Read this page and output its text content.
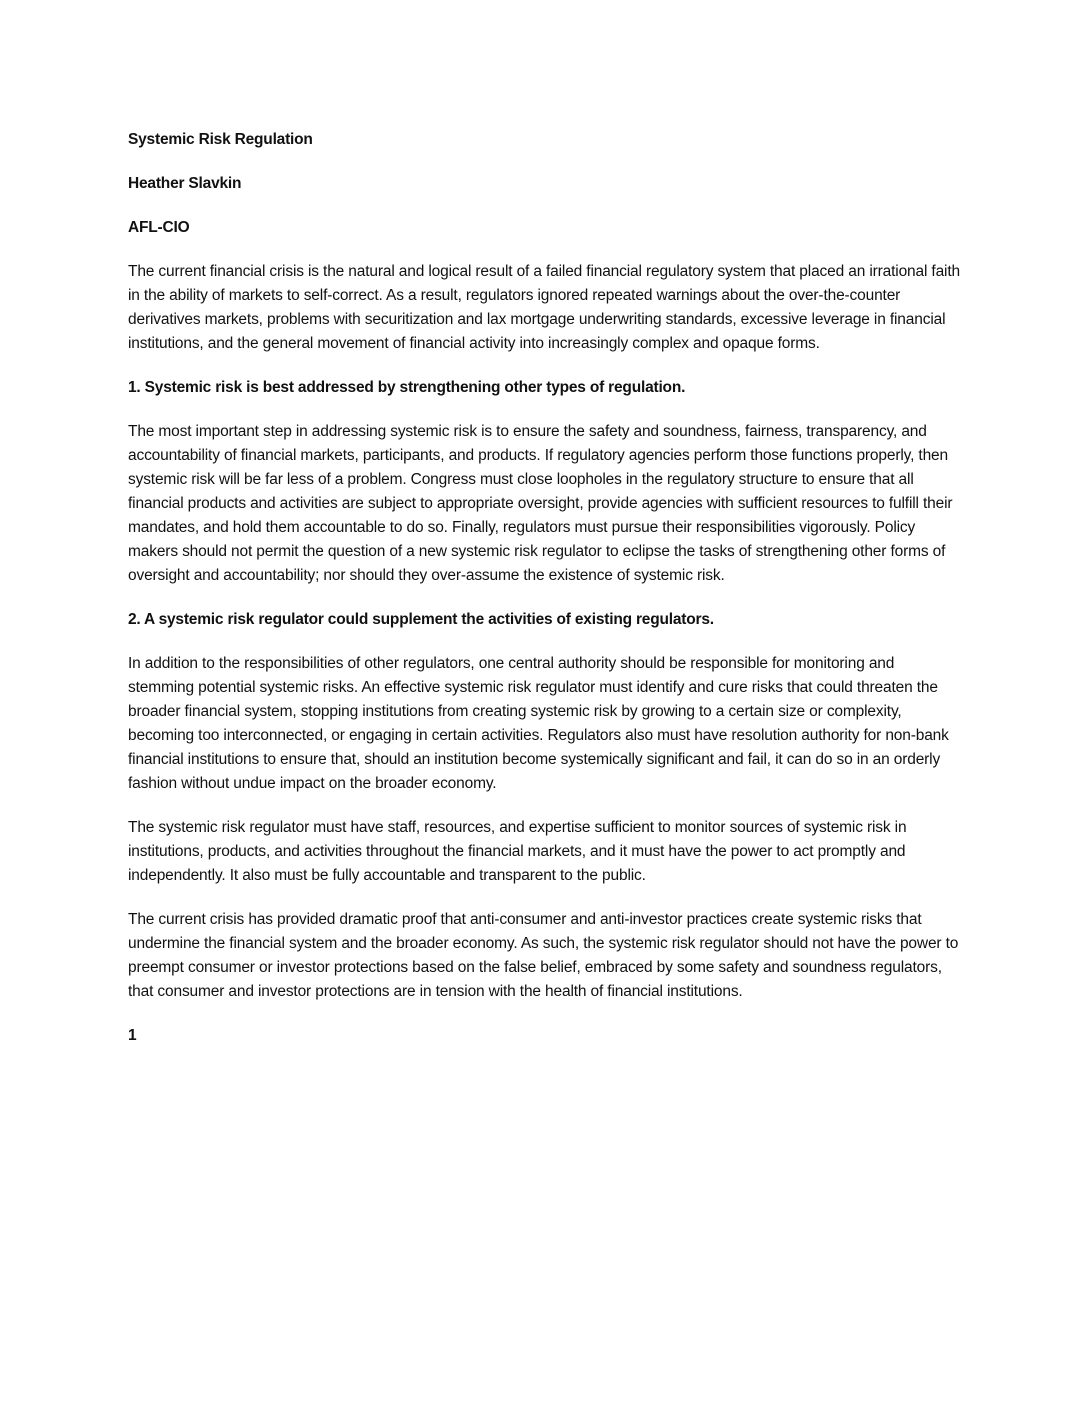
Systemic Risk Regulation

Heather Slavkin

AFL-CIO

The current financial crisis is the natural and logical result of a failed financial regulatory system that placed an irrational faith in the ability of markets to self-correct. As a result, regulators ignored repeated warnings about the over-the-counter derivatives markets, problems with securitization and lax mortgage underwriting standards, excessive leverage in financial institutions, and the general movement of financial activity into increasingly complex and opaque forms.

1. Systemic risk is best addressed by strengthening other types of regulation.

The most important step in addressing systemic risk is to ensure the safety and soundness, fairness, transparency, and accountability of financial markets, participants, and products. If regulatory agencies perform those functions properly, then systemic risk will be far less of a problem. Congress must close loopholes in the regulatory structure to ensure that all financial products and activities are subject to appropriate oversight, provide agencies with sufficient resources to fulfill their mandates, and hold them accountable to do so. Finally, regulators must pursue their responsibilities vigorously. Policy makers should not permit the question of a new systemic risk regulator to eclipse the tasks of strengthening other forms of oversight and accountability; nor should they over-assume the existence of systemic risk.

2. A systemic risk regulator could supplement the activities of existing regulators.

In addition to the responsibilities of other regulators, one central authority should be responsible for monitoring and stemming potential systemic risks. An effective systemic risk regulator must identify and cure risks that could threaten the broader financial system, stopping institutions from creating systemic risk by growing to a certain size or complexity, becoming too interconnected, or engaging in certain activities. Regulators also must have resolution authority for non-bank financial institutions to ensure that, should an institution become systemically significant and fail, it can do so in an orderly fashion without undue impact on the broader economy.

The systemic risk regulator must have staff, resources, and expertise sufficient to monitor sources of systemic risk in institutions, products, and activities throughout the financial markets, and it must have the power to act promptly and independently. It also must be fully accountable and transparent to the public.

The current crisis has provided dramatic proof that anti-consumer and anti-investor practices create systemic risks that undermine the financial system and the broader economy. As such, the systemic risk regulator should not have the power to preempt consumer or investor protections based on the false belief, embraced by some safety and soundness regulators, that consumer and investor protections are in tension with the health of financial institutions.

1
